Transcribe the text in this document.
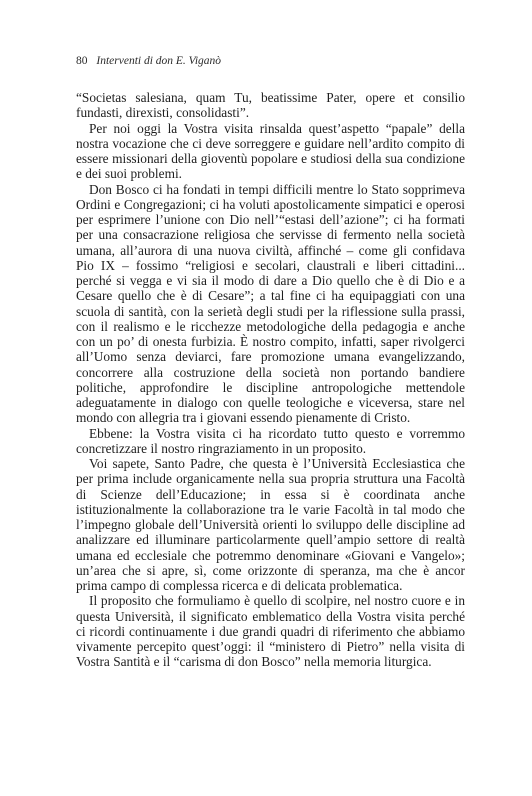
80 Interventi di don E. Viganò

“Societas salesiana, quam Tu, beatissime Pater, opere et consilio fundasti, direxisti, consolidasti”.

Per noi oggi la Vostra visita rinsalda quest’aspetto “papale” della nostra vocazione che ci deve sorreggere e guidare nell’ardito compito di essere missionari della gioventù popolare e studiosi della sua condizione e dei suoi problemi.

Don Bosco ci ha fondati in tempi difficili mentre lo Stato sopprimeva Ordini e Congregazioni; ci ha voluti apostolicamente simpatici e operosi per esprimere l’unione con Dio nell’“estasi dell’azione”; ci ha formati per una consacrazione religiosa che servisse di fermento nella società umana, all’aurora di una nuova civiltà, affinché – come gli confidava Pio IX – fossimo “religiosi e secolari, claustrali e liberi cittadini... perché si vegga e vi sia il modo di dare a Dio quello che è di Dio e a Cesare quello che è di Cesare”; a tal fine ci ha equipaggiati con una scuola di santità, con la serietà degli studi per la riflessione sulla prassi, con il realismo e le ricchezze metodologiche della pedagogia e anche con un po’ di onesta furbizia. È nostro compito, infatti, saper rivolgerci all’Uomo senza deviarci, fare promozione umana evangelizzando, concorrere alla costruzione della società non portando bandiere politiche, approfondire le discipline antropologiche mettendole adeguatamente in dialogo con quelle teologiche e viceversa, stare nel mondo con allegria tra i giovani essendo pienamente di Cristo.

Ebbene: la Vostra visita ci ha ricordato tutto questo e vorremmo concretizzare il nostro ringraziamento in un proposito.

Voi sapete, Santo Padre, che questa è l’Università Ecclesiastica che per prima include organicamente nella sua propria struttura una Facoltà di Scienze dell’Educazione; in essa si è coordinata anche istituzionalmente la collaborazione tra le varie Facoltà in tal modo che l’impegno globale dell’Università orienti lo sviluppo delle discipline ad analizzare ed illuminare particolarmente quell’ampio settore di realtà umana ed ecclesiale che potremmo denominare «Giovani e Vangelo»; un’area che si apre, sì, come orizzonte di speranza, ma che è ancor prima campo di complessa ricerca e di delicata problematica.

Il proposito che formuliamo è quello di scolpire, nel nostro cuore e in questa Università, il significato emblematico della Vostra visita perché ci ricordi continuamente i due grandi quadri di riferimento che abbiamo vivamente percepito quest’oggi: il “ministero di Pietro” nella visita di Vostra Santità e il “carisma di don Bosco” nella memoria liturgica.
